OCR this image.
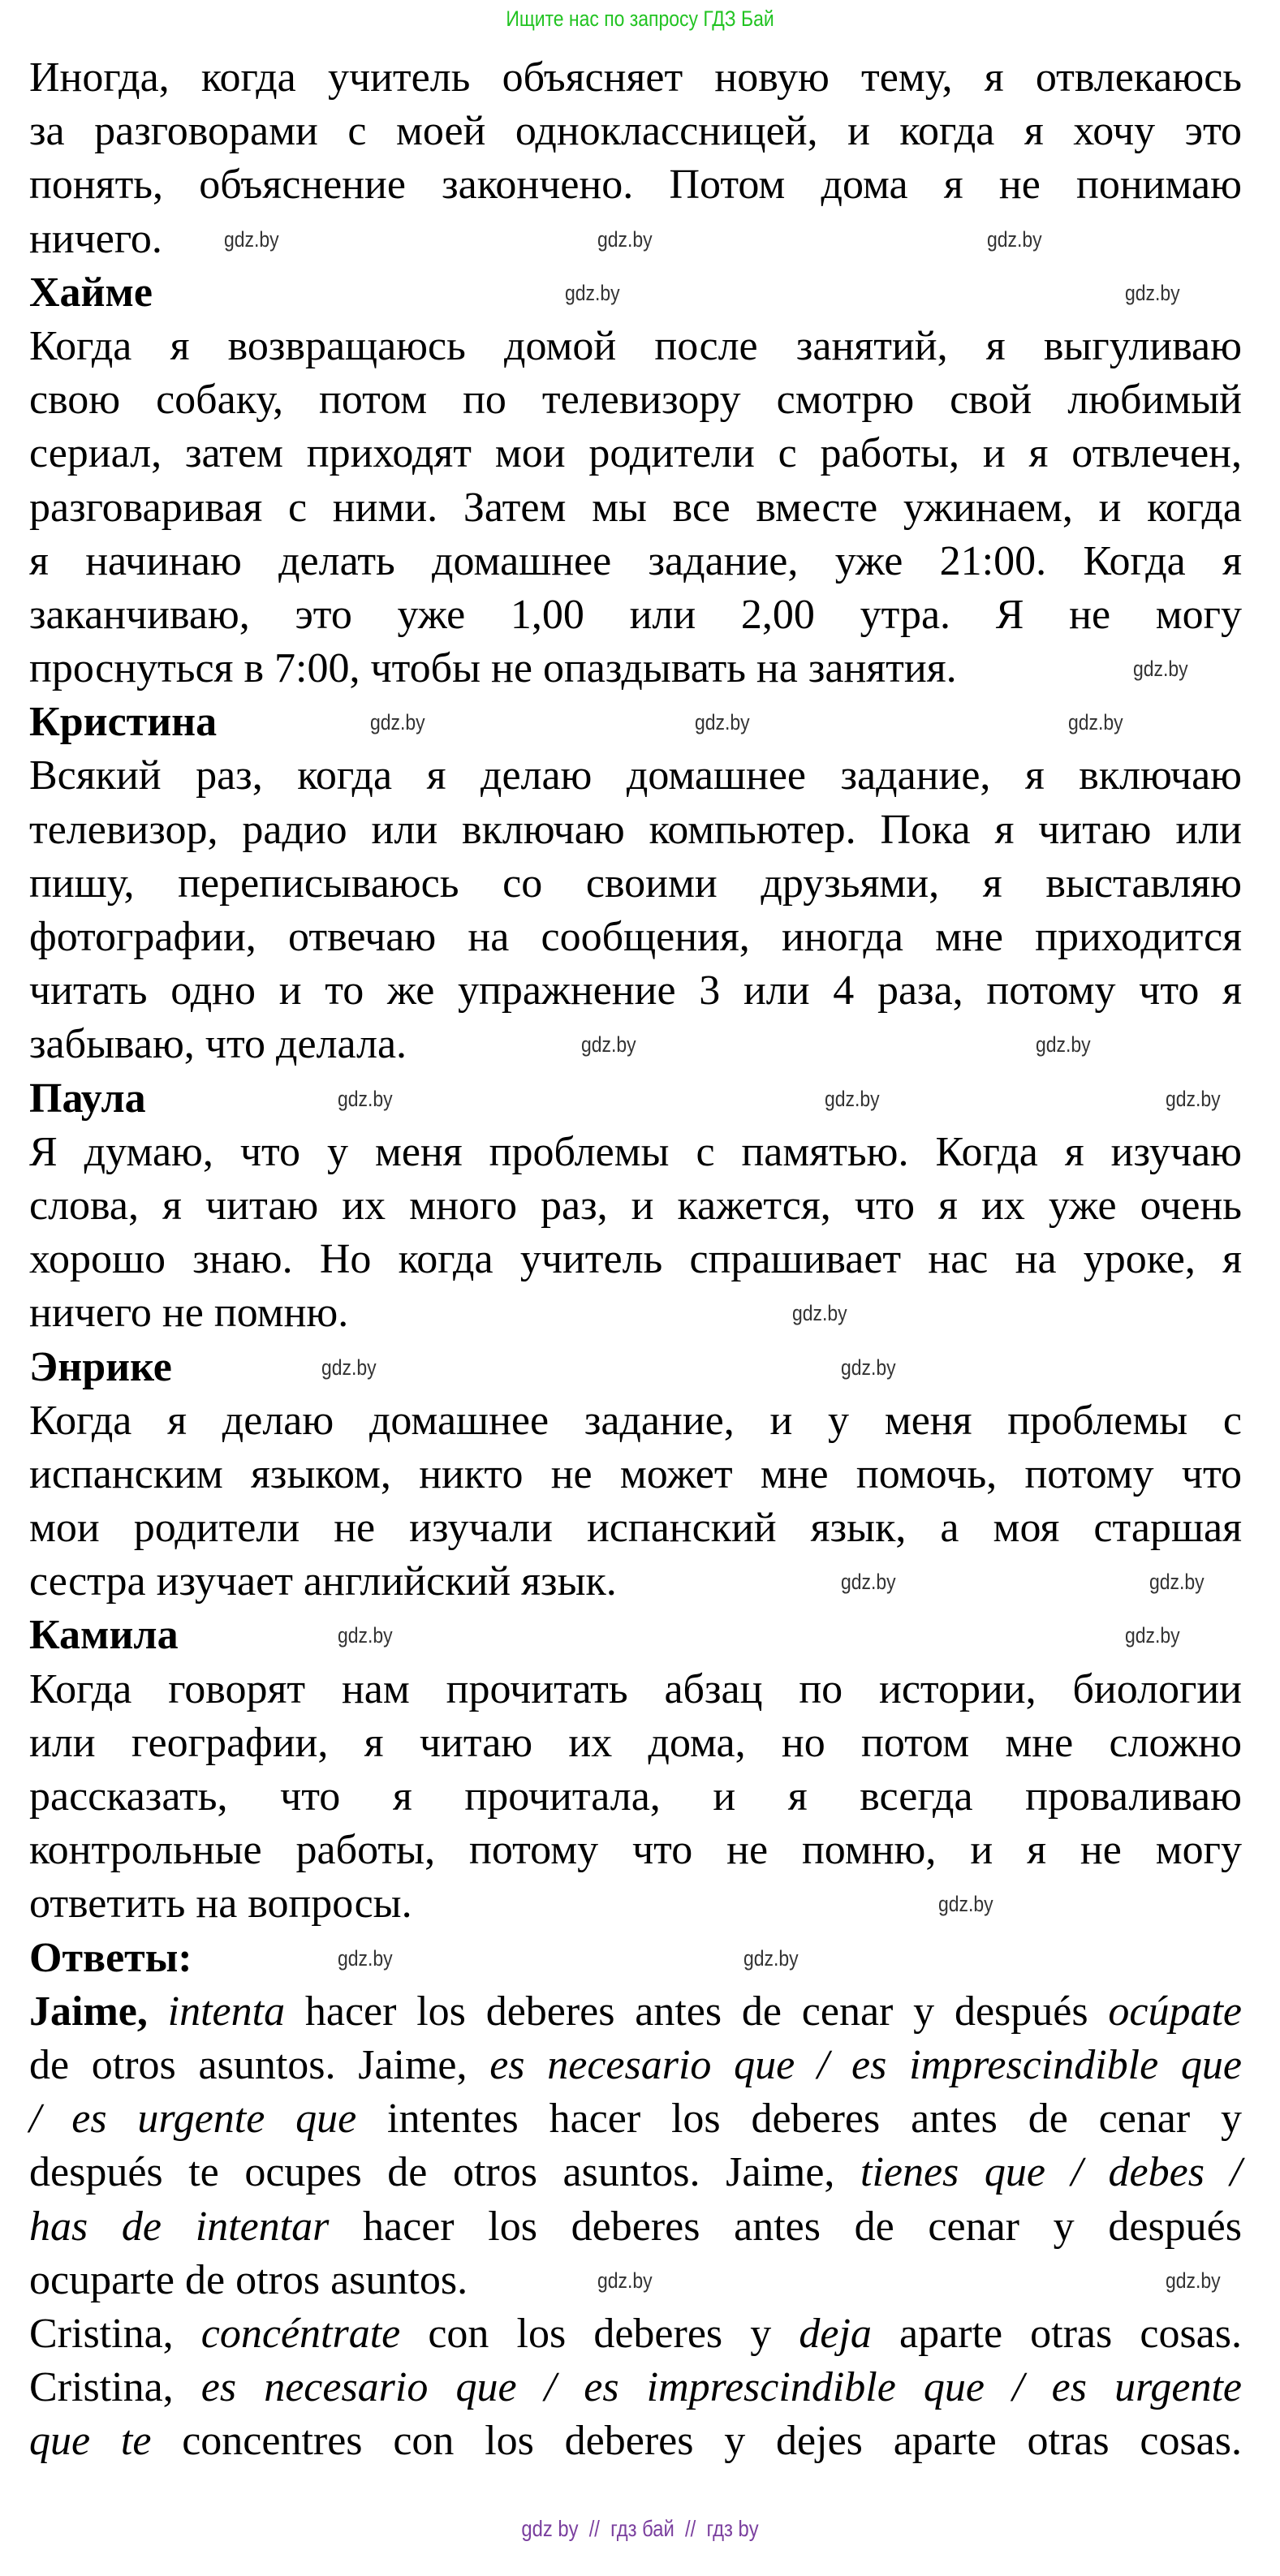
Ищите нас по запросу ГДЗ Бай
Иногда, когда учитель объясняет новую тему, я отвлекаюсь
за разговорами с моей одноклассницей, и когда я хочу это
понять, объяснение закончено. Потом дома я не понимаю
ничего.	gdz.by	gdz.by	gdz.by
Хайме	gdz.by	gdz.by
Когда я возвращаюсь домой после занятий, я выгуливаю
свою собаку, потом по телевизору смотрю свой любимый
сериал, затем приходят мои родители с работы, и я отвлечен,
разговаривая с ними. Затем мы все вместе ужинаем, и когда
я начинаю делать домашнее задание, уже 21:00. Когда я
заканчиваю, это уже 1,00 или 2,00 утра. Я не могу
проснуться в 7:00, чтобы не опаздывать на занятия.	gdz.by
Кристина	gdz.by	gdz.by	gdz.by
Всякий раз, когда я делаю домашнее задание, я включаю
телевизор, радио или включаю компьютер. Пока я читаю или
пишу, переписываюсь со своими друзьями, я выставляю
фотографии, отвечаю на сообщения, иногда мне приходится
читать одно и то же упражнение 3 или 4 раза, потому что я
забываю, что делала.	gdz.by	gdz.by
Паула	gdz.by	gdz.by	gdz.by
Я думаю, что у меня проблемы с памятью. Когда я изучаю
слова, я читаю их много раз, и кажется, что я их уже очень
хорошо знаю. Но когда учитель спрашивает нас на уроке, я
ничего не помню.	gdz.by
Энрике	gdz.by	gdz.by
Когда я делаю домашнее задание, и у меня проблемы с
испанским языком, никто не может мне помочь, потому что
мои родители не изучали испанский язык, а моя старшая
сестра изучает английский язык.	gdz.by	gdz.by
Камила	gdz.by	gdz.by
Когда говорят нам прочитать абзац по истории, биологии
или географии, я читаю их дома, но потом мне сложно
рассказать, что я прочитала, и я всегда проваливаю
контрольные работы, потому что не помню, и я не могу
ответить на вопросы.	gdz.by
Ответы:	gdz.by	gdz.by
Jaime, intenta hacer los deberes antes de cenar y después ocúpate
de otros asuntos. Jaime, es necesario que / es imprescindible que
/ es urgente que intentes hacer los deberes antes de cenar y
después te ocupes de otros asuntos. Jaime, tienes que / debes /
has de intentar hacer los deberes antes de cenar y después
ocuparte de otros asuntos.	gdz.by	gdz.by
Cristina, concéntrate con los deberes y deja aparte otras cosas.
Cristina, es necesario que / es imprescindible que / es urgente
que te concentres con los deberes y dejes aparte otras cosas.
gdz by  //  гдз бай  //  гдз by
